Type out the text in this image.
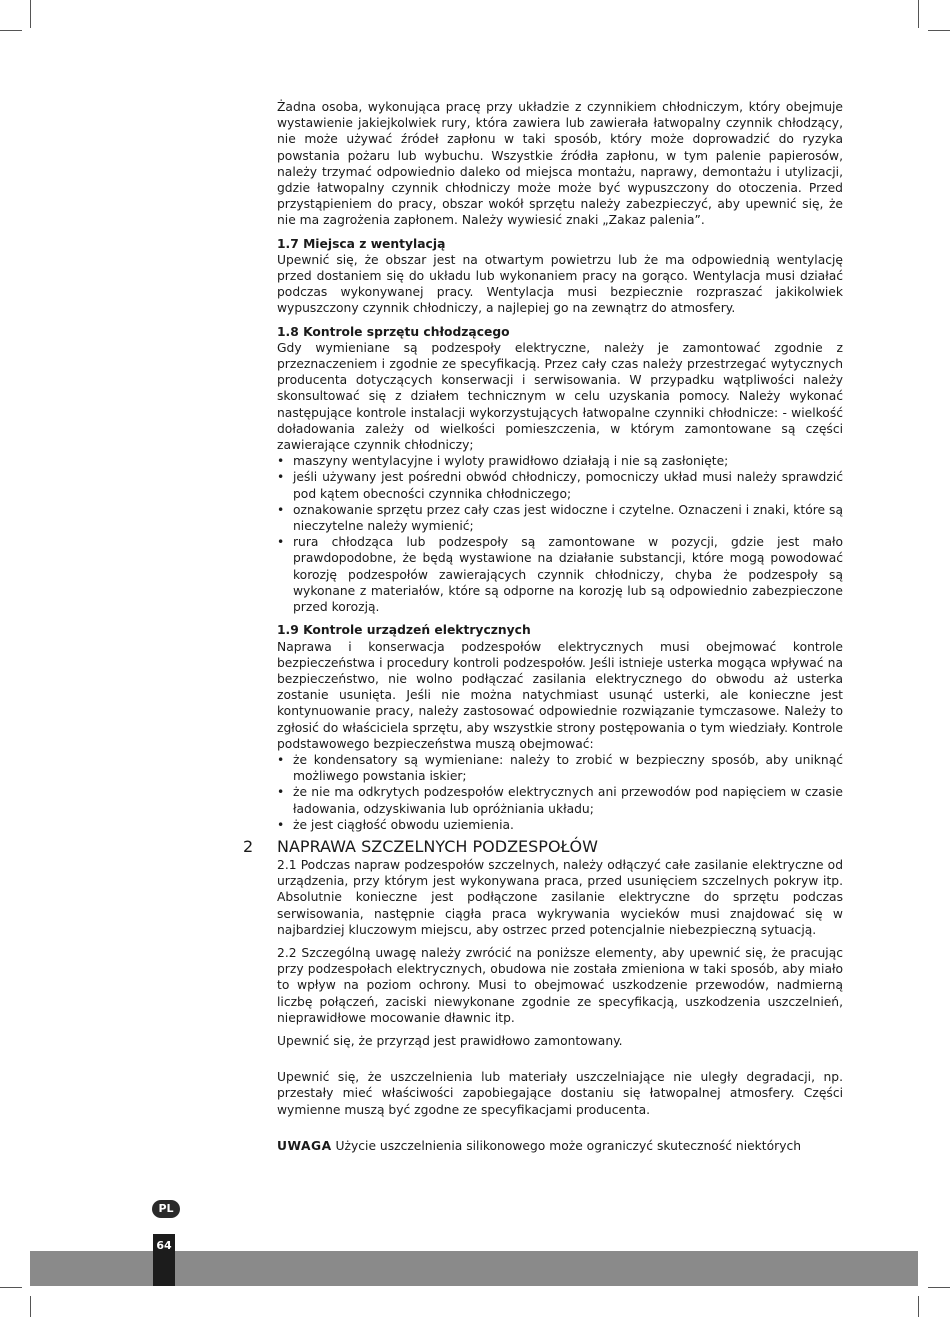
Żadna osoba, wykonująca pracę przy układzie z czynnikiem chłodniczym, który obejmuje wystawienie jakiejkolwiek rury, która zawiera lub zawierała łatwopalny czynnik chłodzący, nie może używać źródeł zapłonu w taki sposób, który może doprowadzić do ryzyka powstania pożaru lub wybuchu. Wszystkie źródła zapłonu, w tym palenie papierosów, należy trzymać odpowiednio daleko od miejsca montażu, naprawy, demontażu i utylizacji, gdzie łatwopalny czynnik chłodniczy może może być wypuszczony do otoczenia. Przed przystąpieniem do pracy, obszar wokół sprzętu należy zabezpieczyć, aby upewnić się, że nie ma zagrożenia zapłonem. Należy wywiesić znaki „Zakaz palenia”.

1.7 Miejsca z wentylacją

Upewnić się, że obszar jest na otwartym powietrzu lub że ma odpowiednią wentylację przed dostaniem się do układu lub wykonaniem pracy na gorąco. Wentylacja musi działać podczas wykonywanej pracy. Wentylacja musi bezpiecznie rozpraszać jakikolwiek wypuszczony czynnik chłodniczy, a najlepiej go na zewnątrz do atmosfery.

1.8 Kontrole sprzętu chłodzącego

Gdy wymieniane są podzespoły elektryczne, należy je zamontować zgodnie z przeznaczeniem i zgodnie ze specyfikacją. Przez cały czas należy przestrzegać wytycznych producenta dotyczących konserwacji i serwisowania. W przypadku wątpliwości należy skonsultować się z działem technicznym w celu uzyskania pomocy. Należy wykonać następujące kontrole instalacji wykorzystujących łatwopalne czynniki chłodnicze: - wielkość doładowania zależy od wielkości pomieszczenia, w którym zamontowane są części zawierające czynnik chłodniczy;

• maszyny wentylacyjne i wyloty prawidłowo działają i nie są zasłonięte;
• jeśli używany jest pośredni obwód chłodniczy, pomocniczy układ musi należy sprawdzić pod kątem obecności czynnika chłodniczego;
• oznakowanie sprzętu przez cały czas jest widoczne i czytelne. Oznaczeni i znaki, które są nieczytelne należy wymienić;
• rura chłodząca lub podzespoły są zamontowane w pozycji, gdzie jest mało prawdopodobne, że będą wystawione na działanie substancji, które mogą powodować korozję podzespołów zawierających czynnik chłodniczy, chyba że podzespoły są wykonane z materiałów, które są odporne na korozję lub są odpowiednio zabezpieczone przed korozją.
1.9 Kontrole urządzeń elektrycznych

Naprawa i konserwacja podzespołów elektrycznych musi obejmować kontrole bezpieczeństwa i procedury kontroli podzespołów. Jeśli istnieje usterka mogąca wpływać na bezpieczeństwo, nie wolno podłączać zasilania elektrycznego do obwodu aż usterka zostanie usunięta. Jeśli nie można natychmiast usunąć usterki, ale konieczne jest kontynuowanie pracy, należy zastosować odpowiednie rozwiązanie tymczasowe. Należy to zgłosić do właściciela sprzętu, aby wszystkie strony postępowania o tym wiedziały. Kontrole podstawowego bezpieczeństwa muszą obejmować:

• że kondensatory są wymieniane: należy to zrobić w bezpieczny sposób, aby uniknąć możliwego powstania iskier;
• że nie ma odkrytych podzespołów elektrycznych ani przewodów pod napięciem w czasie ładowania, odzyskiwania lub opróżniania układu;
• że jest ciągłość obwodu uziemienia.
2 NAPRAWA SZCZELNYCH PODZESPOŁÓW

2.1 Podczas napraw podzespołów szczelnych, należy odłączyć całe zasilanie elektryczne od urządzenia, przy którym jest wykonywana praca, przed usunięciem szczelnych pokryw itp. Absolutnie konieczne jest podłączone zasilanie elektryczne do sprzętu podczas serwisowania, następnie ciągła praca wykrywania wycieków musi znajdować się w najbardziej kluczowym miejscu, aby ostrzec przed potencjalnie niebezpieczną sytuacją.

2.2 Szczególną uwagę należy zwrócić na poniższe elementy, aby upewnić się, że pracując przy podzespołach elektrycznych, obudowa nie została zmieniona w taki sposób, aby miało to wpływ na poziom ochrony. Musi to obejmować uszkodzenie przewodów, nadmierną liczbę połączeń, zaciski niewykonane zgodnie ze specyfikacją, uszkodzenia uszczelnień, nieprawidłowe mocowanie dławnic itp.

Upewnić się, że przyrząd jest prawidłowo zamontowany.

Upewnić się, że uszczelnienia lub materiały uszczelniające nie uległy degradacji, np. przestały mieć właściwości zapobiegające dostaniu się łatwopalnej atmosfery. Części wymienne muszą być zgodne ze specyfikacjami producenta.

UWAGA Użycie uszczelnienia silikonowego może ograniczyć skuteczność niektórych

PL
64
